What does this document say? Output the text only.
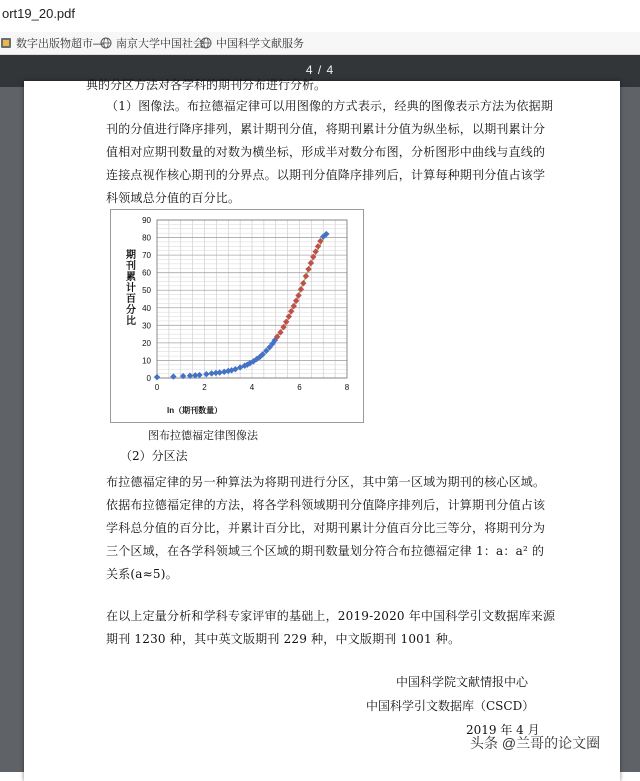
ort19_20.pdf
数字出版物超市—	南京大学中国社会	中国科学文献服务
4 / 4
典的分区方法对各学科的期刊分布进行分析。

（1）图像法。布拉德福定律可以用图像的方式表示，经典的图像表示方法为依据期刊的分值进行降序排列，累计期刊分值，将期刊累计分值为纵坐标，以期刊累计分值相对应期刊数量的对数为横坐标，形成半对数分布图，分析图形中曲线与直线的连接点视作核心期刊的分界点。以期刊分值降序排列后，计算每种期刊分值占该学科领域总分值的百分比。

0	2	4	6	8
0
10
20
30
40
50
60
70
80
90
ln（期刊数量）
期刊累计百分比
图布拉德福定律图像法
（2）分区法

布拉德福定律的另一种算法为将期刊进行分区，其中第一区域为期刊的核心区域。依据布拉德福定律的方法，将各学科领域期刊分值降序排列后，计算期刊分值占该学科总分值的百分比，并累计百分比，对期刊累计分值百分比三等分，将期刊分为三个区域，在各学科领域三个区域的期刊数量划分符合布拉德福定律 1：a：a² 的关系(a≈5)。

在以上定量分析和学科专家评审的基础上，2019-2020 年中国科学引文数据库来源期刊 1230 种，其中英文版期刊 229 种，中文版期刊 1001 种。

中国科学院文献情报中心
中国科学引文数据库（CSCD）
2019 年 4 月
头条 @兰哥的论文圈
